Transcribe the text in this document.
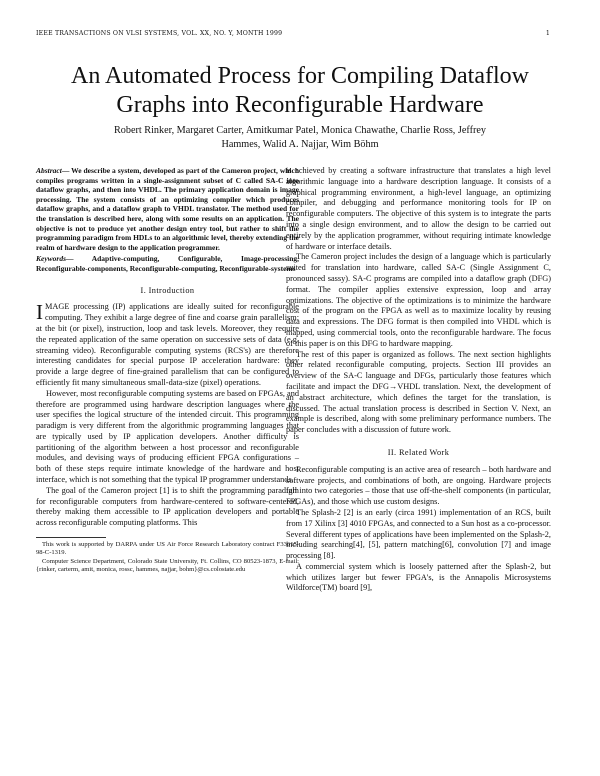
IEEE TRANSACTIONS ON VLSI SYSTEMS, VOL. XX, NO. Y, MONTH 1999	1
An Automated Process for Compiling Dataflow
Graphs into Reconfigurable Hardware
Robert Rinker, Margaret Carter, Amitkumar Patel, Monica Chawathe, Charlie Ross, Jeffrey
Hammes, Walid A. Najjar, Wim Böhm
Abstract— We describe a system, developed as part of the Cameron project, which compiles programs written in a single-assignment subset of C called SA-C into dataflow graphs, and then into VHDL. The primary application domain is image processing. The system consists of an optimizing compiler which produces dataflow graphs, and a dataflow graph to VHDL translator. The method used for the translation is described here, along with some results on an application. The objective is not to produce yet another design entry tool, but rather to shift the programming paradigm from HDLs to an algorithmic level, thereby extending the realm of hardware design to the application programmer.
Keywords— Adaptive-computing, Configurable, Image-processing, Reconfigurable-components, Reconfigurable-computing, Reconfigurable-systems
I. Introduction

IMAGE processing (IP) applications are ideally suited for reconfigurable computing. They exhibit a large degree of fine and coarse grain parallelism: at the bit (or pixel), instruction, loop and task levels. Moreover, they require the repeated application of the same operation on successive sets of data (e.g. streaming video). Reconfigurable computing systems (RCS's) are therefore interesting candidates for special purpose IP acceleration hardware: they provide a large degree of fine-grained parallelism that can be configured to efficiently fit many simultaneous small-data-size (pixel) operations.

However, most reconfigurable computing systems are based on FPGAs, and therefore are programmed using hardware description languages where the user specifies the logical structure of the intended circuit. This programming paradigm is very different from the algorithmic programming languages that are typically used by IP application developers. Another difficulty is partitioning of the algorithm between a host processor and reconfigurable modules, and devising ways of producing efficient FPGA configurations – both of these steps require intimate knowledge of the hardware and host interface, which is not something that the typical IP programmer understands.

The goal of the Cameron project [1] is to shift the programming paradigm for reconfigurable computers from hardware-centered to software-centered, thereby making them accessible to IP application developers and portable across reconfigurable computing platforms. This

This work is supported by DARPA under US Air Force Research Laboratory contract F33615-98-C-1319.

Computer Science Department, Colorado State University, Ft. Collins, CO 80523-1873, E-mail: {rinker, carterm, amit, monica, rossc, hammes, najjar, bohm}@cs.colostate.edu

is achieved by creating a software infrastructure that translates a high level algorithmic language into a hardware description language. It consists of a graphical programming environment, a high-level language, an optimizing compiler, and debugging and performance monitoring tools for IP on reconfigurable computers. The objective of this system is to integrate the parts into a single design environment, and to allow the design to be carried out entirely by the application programmer, without requiring intimate knowledge of hardware or interface details.

The Cameron project includes the design of a language which is particularly suited for translation into hardware, called SA-C (Single Assignment C, pronounced sassy). SA-C programs are compiled into a dataflow graph (DFG) format. The compiler applies extensive expression, loop and array optimizations. The objective of the optimizations is to minimize the hardware cost of the program on the FPGA as well as to maximize locality by reusing data and expressions. The DFG format is then compiled into VHDL which is mapped, using commercial tools, onto the reconfigurable hardware. The focus of this paper is on this DFG to hardware mapping.

The rest of this paper is organized as follows. The next section highlights other related reconfigurable computing, projects. Section III provides an overview of the SA-C language and DFGs, particularly those features which facilitate and impact the DFG→VHDL translation. Next, the development of an abstract architecture, which defines the target for the translation, is discussed. The actual translation process is described in Section V. Next, an example is described, along with some preliminary performance numbers. The paper concludes with a discussion of future work.

II. Related Work

Reconfigurable computing is an active area of research – both hardware and software projects, and combinations of both, are ongoing. Hardware projects fall into two categories – those that use off-the-shelf components (in particular, FPGAs), and those which use custom designs.

The Splash-2 [2] is an early (circa 1991) implementation of an RCS, built from 17 Xilinx [3] 4010 FPGAs, and connected to a Sun host as a co-processor. Several different types of applications have been implemented on the Splash-2, including searching[4], [5], pattern matching[6], convolution [7] and image processing [8].

A commercial system which is loosely patterned after the Splash-2, but which utilizes larger but fewer FPGA's, is the Annapolis Microsystems Wildforce(TM) board [9],
